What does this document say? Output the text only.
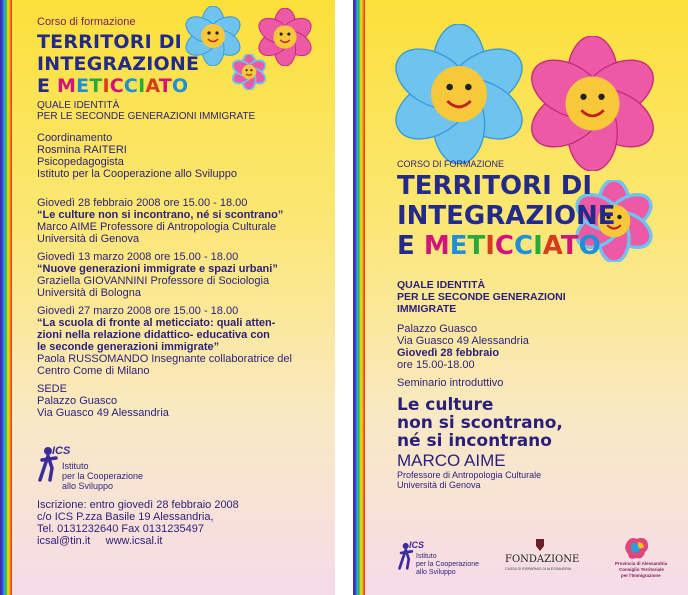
Corso di formazione
TERRITORI DI
INTEGRAZIONE
E METICCIATO
QUALE IDENTITÀ
PER LE SECONDE GENERAZIONI IMMIGRATE
Coordinamento
Rosmina RAITERI
Psicopedagogista
Istituto per la Cooperazione allo Sviluppo
Giovedì 28 febbraio 2008 ore 15.00 - 18.00
“Le culture non si incontrano, né si scontrano”
Marco AIME Professore di Antropologia Culturale
Università di Genova
Giovedì 13 marzo 2008 ore 15.00 - 18.00
“Nuove generazioni immigrate e spazi urbani”
Graziella GIOVANNINI Professore di Sociologia
Università di Bologna
Giovedì 27 marzo 2008 ore 15.00 - 18.00
“La scuola di fronte al meticciato: quali atten-
zioni nella relazione didattico- educativa con
le seconde generazioni immigrate”
Paola RUSSOMANDO Insegnante collaboratrice del
Centro Come di Milano
SEDE
Palazzo Guasco
Via Guasco 49 Alessandria
ICS
Istituto
per la Cooperazione
allo Sviluppo
Iscrizione: entro giovedì 28 febbraio 2008
c/o ICS P.zza Basile 19 Alessandria,
Tel. 0131232640 Fax 0131235497
icsal@tin.it     www.icsal.it
CORSO DI FORMAZIONE
TERRITORI DI
INTEGRAZIONE
E METICCIATO
QUALE IDENTITÀ
PER LE SECONDE GENERAZIONI
IMMIGRATE
Palazzo Guasco
Via Guasco 49 Alessandria
Giovedì 28 febbraio
ore 15.00-18.00
Seminario introduttivo
Le culture
non si scontrano,
né si incontrano
MARCO AIME
Professore di Antropologia Culturale
Università di Genova
ICS
Istituto
per la Cooperazione
allo Sviluppo
FONDAZIONE
CASSA DI RISPARMIO DI ALESSANDRIA
Provincia di Alessandria
Consiglio Territoriale
per l'Immigrazione
